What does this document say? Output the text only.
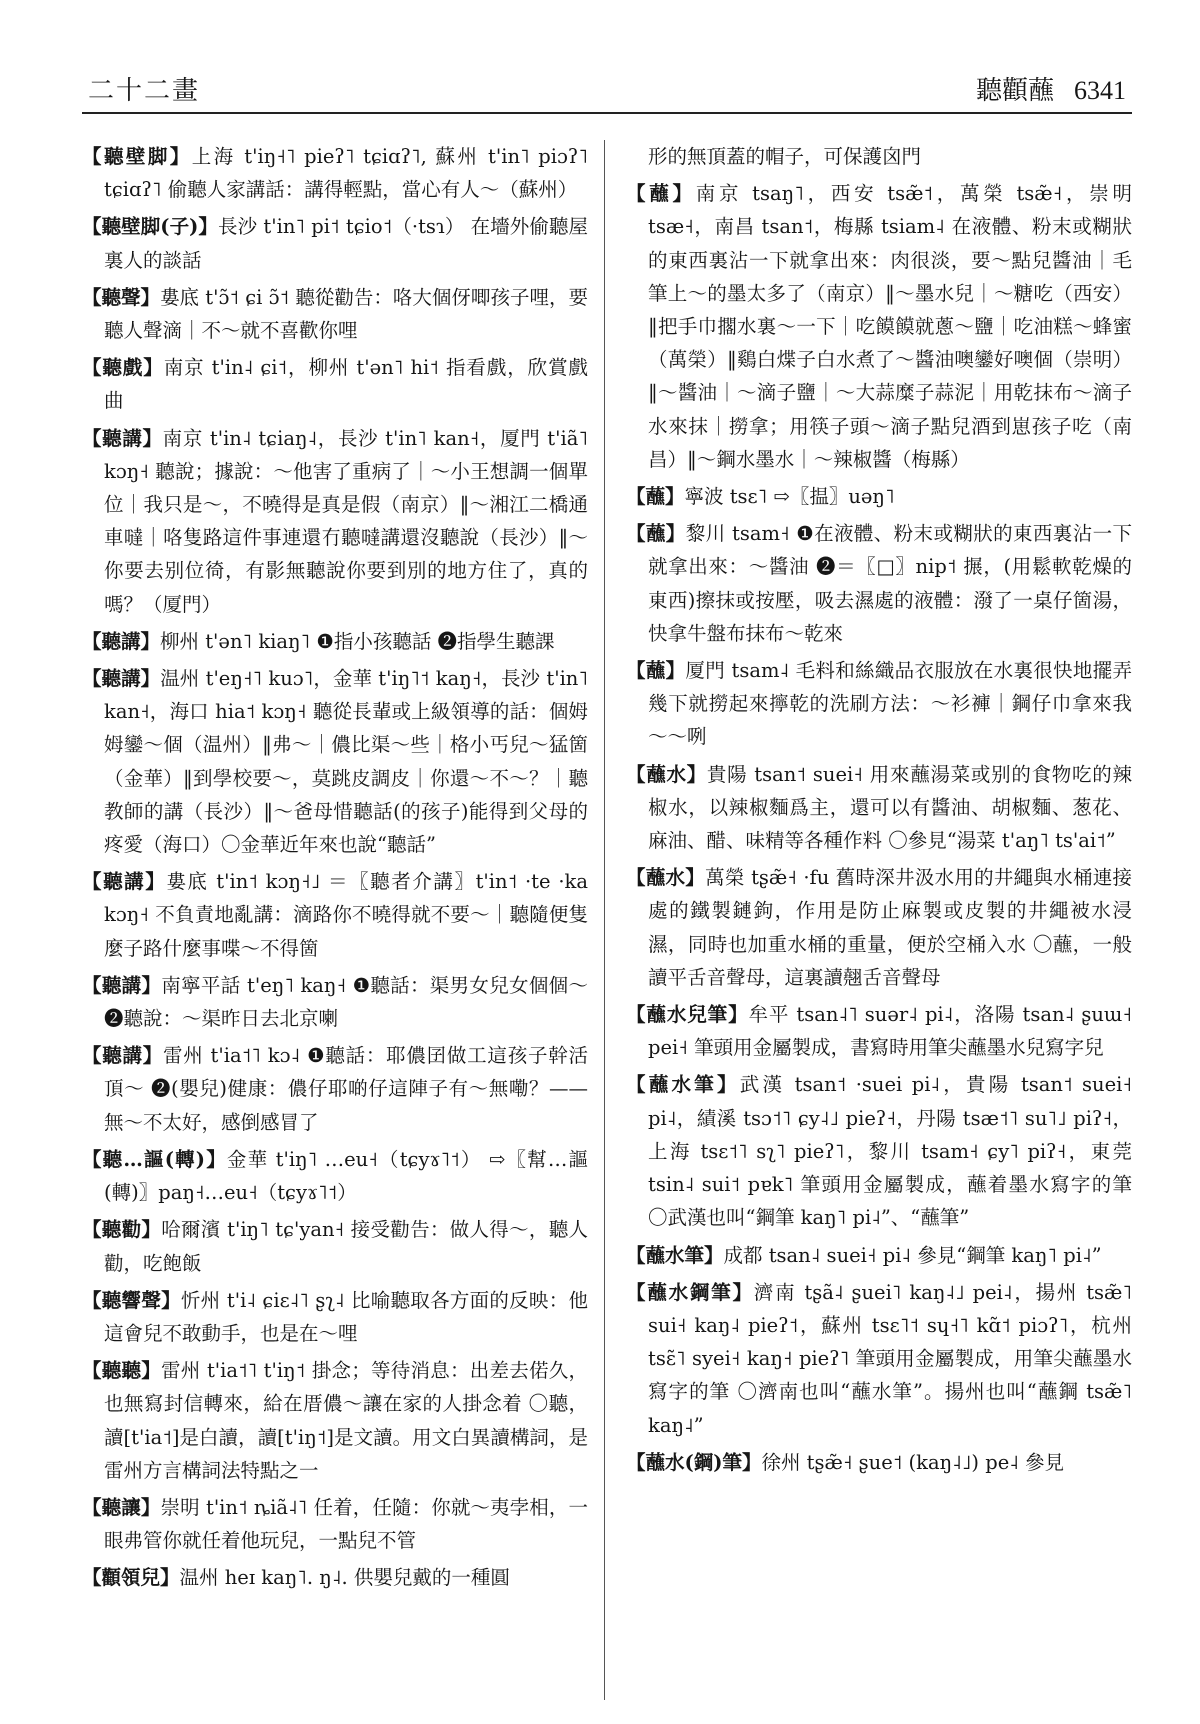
二十二畫	聽顴蘸 6341
【聽壁脚】上海 t'iŋ˧˥ pieʔ˥ tɕiɑʔ˥, 蘇州 t'in˥ piɔʔ˥ tɕiɑʔ˥ 偷聽人家講話：講得輕點，當心有人～（蘇州）
【聽壁脚(子)】長沙 t'in˥ pi˦ tɕio˦（·tsɿ） 在墻外偷聽屋裏人的談話
【聽聲】婁底 t'ɔ̃˦ ɕi ɔ̃˦ 聽從勸告：咯大個伢唧孩子哩，要聽人聲滴｜不～就不喜歡你哩
【聽戲】南京 t'in˨ ɕi˦，柳州 t'ən˥ hi˦ 指看戲，欣賞戲曲
【聽講】南京 t'in˨ tɕiaŋ˨，長沙 t'in˥ kan˧，厦門 t'iã˥ kɔŋ˧ 聽說；據說：～他害了重病了｜～小王想調一個單位｜我只是～，不曉得是真是假（南京）‖～湘江二橋通車噠｜咯隻路這件事連還冇聽噠講還沒聽說（長沙）‖～你要去别位徛，有影無聽說你要到別的地方住了，真的嗎？（厦門）
【聽講】柳州 t'ən˥ kiaŋ˥ ❶指小孩聽話 ❷指學生聽課
【聽講】温州 t'eŋ˧˥ kuɔ˥，金華 t'iŋ˥˦ kaŋ˧，長沙 t'in˥ kan˧，海口 hia˦ kɔŋ˧ 聽從長輩或上級領導的話：個姆姆鑾～個（温州）‖弗～｜儂比渠～些｜格小丐兒～猛箇（金華）‖到學校要～，莫跳皮調皮｜你還～不～？｜聽教師的講（長沙）‖～爸母惜聽話(的孩子)能得到父母的疼愛（海口）〇金華近年來也說“聽話”
【聽講】婁底 t'in˦ kɔŋ˧˩ ＝〖聽者介講〗t'in˦ ·te ·ka kɔŋ˧ 不負責地亂講：滴路你不曉得就不要～｜聽隨便隻麼子路什麼事喋～不得箇
【聽講】南寧平話 t'eŋ˥ kaŋ˧ ❶聽話：渠男女兒女個個～ ❷聽說：～渠昨日去北京喇
【聽講】雷州 t'ia˦˥ kɔ˨ ❶聽話：耶儂囝做工這孩子幹活頂～ ❷(嬰兒)健康：儂仔耶啲仔這陣子有～無嘞？——無～不太好，感倒感冒了
【聽…謳(轉)】金華 t'iŋ˥ …eu˧（tɕyɤ˥˦） ⇨〖幫…謳(轉)〗paŋ˧…eu˧（tɕyɤ˥˦）
【聽勸】哈爾濱 t'iŋ˥ tɕ'yan˧ 接受勸告：做人得～，聽人勸，吃飽飯
【聽響聲】忻州 t'i˨ ɕiɛ˨˥ ʂʅ˨ 比喻聽取各方面的反映：他這會兒不敢動手，也是在～哩
【聽聽】雷州 t'ia˦˥ t'iŋ˦ 掛念；等待消息：出差去偌久，也無寫封信轉來，給在厝儂～讓在家的人掛念着 〇聽，讀[t'ia˦]是白讀，讀[t'iŋ˦]是文讀。用文白異讀構詞，是雷州方言構詞法特點之一
【聽讓】崇明 t'in˦ ȵiã˨˥ 任着，任隨：你就～夷孛相，一眼弗管你就任着他玩兒，一點兒不管
【顴領兒】温州 heɪ kaŋ˥. ŋ˨. 供嬰兒戴的一種圓
形的無頂蓋的帽子，可保護囟門
【蘸】南京 tsaŋ˥，西安 tsæ̃˦，萬榮 tsæ̃˧，崇明 tsæ˧，南昌 tsan˦，梅縣 tsiam˨ 在液體、粉末或糊狀的東西裏沾一下就拿出來：肉很淡，要～點兒醬油｜毛筆上～的墨太多了（南京）‖～墨水兒｜～糖吃（西安）‖把手巾擱水裏～一下｜吃饃饃就蔥～鹽｜吃油糕～蜂蜜（萬榮）‖鷄白煠子白水煮了～醬油噢鑾好噢個（崇明）‖～醬油｜～滴子鹽｜～大蒜糜子蒜泥｜用乾抹布～滴子水來抹｜撈拿；用筷子頭～滴子點兒酒到崽孩子吃（南昌）‖～鋼水墨水｜～辣椒醬（梅縣）
【蘸】寧波 tsɛ˥ ⇨〖揾〗uəŋ˥
【蘸】黎川 tsam˧ ❶在液體、粉末或糊狀的東西裏沾一下就拿出來：～醬油 ❷＝〖□〗nip˦ 搌，(用鬆軟乾燥的東西)擦抹或按壓，吸去濕處的液體：潑了一桌仔箇湯，快拿牛盤布抹布～乾來
【蘸】厦門 tsam˨ 毛料和絲織品衣服放在水裏很快地擺弄幾下就撈起來擰乾的洗刷方法：～衫褲｜鋼仔巾拿來我～～咧
【蘸水】貴陽 tsan˦ suei˧ 用來蘸湯菜或别的食物吃的辣椒水，以辣椒麵爲主，還可以有醬油、胡椒麵、葱花、麻油、醋、味精等各種作料 〇參見“湯菜 t'aŋ˥ ts'ai˦”
【蘸水】萬榮 tʂæ̃˧ ·fu 舊時深井汲水用的井繩與水桶連接處的鐵製鏈鉤，作用是防止麻製或皮製的井繩被水浸濕，同時也加重水桶的重量，便於空桶入水 〇蘸，一般讀平舌音聲母，這裏讀翹舌音聲母
【蘸水兒筆】牟平 tsan˨˥ suər˨ pi˨，洛陽 tsan˨ ʂuɯ˧ pei˧ 筆頭用金屬製成，書寫時用筆尖蘸墨水兒寫字兒
【蘸水筆】武漢 tsan˦ ·suei pi˨，貴陽 tsan˦ suei˧ pi˨，績溪 tsɔ˦˥ ɕy˨˩ pieʔ˧，丹陽 tsæ˦˥ su˥˩ piʔ˧，上海 tsɛ˦˥ sʅ˥ pieʔ˥，黎川 tsam˧ ɕy˥ piʔ˧，東莞 tsin˨ sui˦ pɐk˥ 筆頭用金屬製成，蘸着墨水寫字的筆 〇武漢也叫“鋼筆 kaŋ˥ pi˨”、“蘸筆”
【蘸水筆】成都 tsan˨ suei˧ pi˨ 參見“鋼筆 kaŋ˥ pi˨”
【蘸水鋼筆】濟南 tʂã˨ ʂuei˥ kaŋ˨˩ pei˨，揚州 tsæ̃˥ sui˧ kaŋ˨ pieʔ˦，蘇州 tsɛ˥˦ sɥ˧˥ kɑ̃˦ piɔʔ˥，杭州 tsɛ̃˥ syei˧ kaŋ˧ pieʔ˥ 筆頭用金屬製成，用筆尖蘸墨水寫字的筆 〇濟南也叫“蘸水筆”。揚州也叫“蘸鋼 tsæ̃˥ kaŋ˨”
【蘸水(鋼)筆】徐州 tʂæ̃˧ ʂue˦ (kaŋ˨˩) pe˨ 參見
